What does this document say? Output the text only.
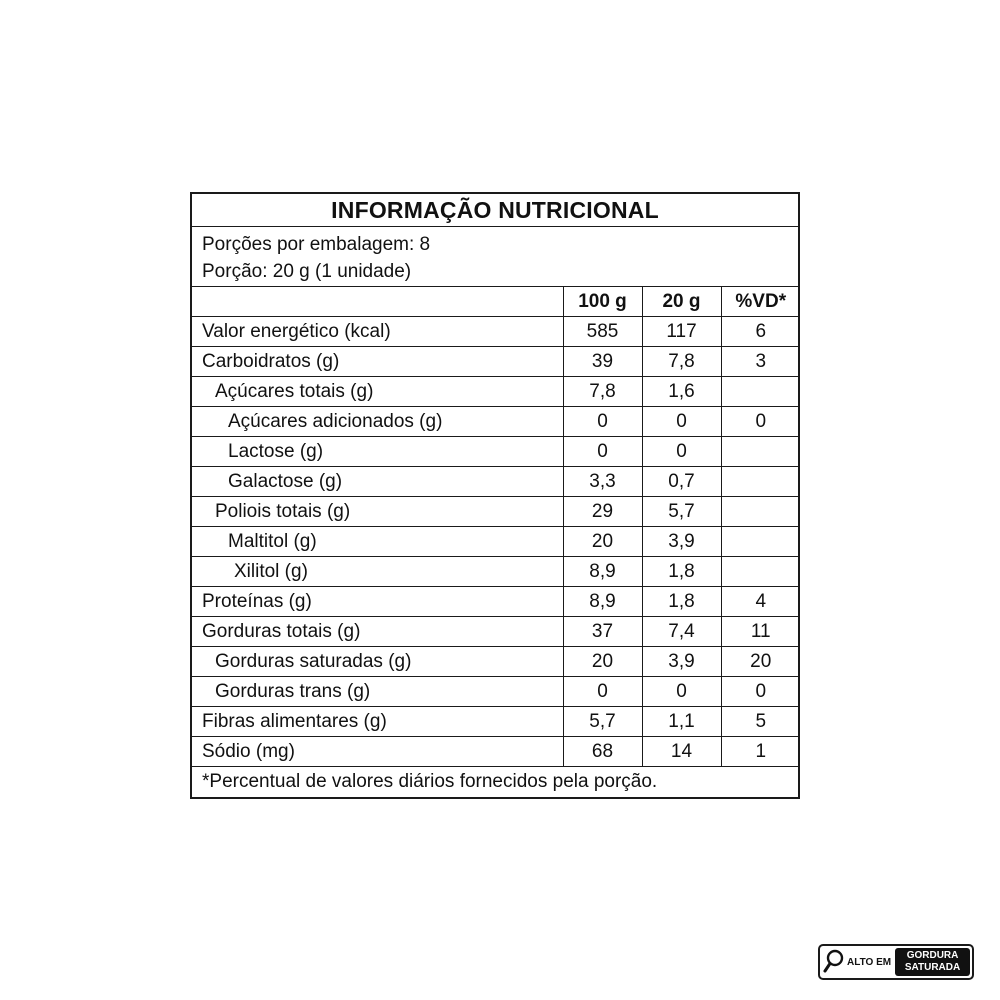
INFORMAÇÃO NUTRICIONAL
Porções por embalagem: 8
Porção: 20 g (1 unidade)
	100 g	20 g	%VD*
Valor energético (kcal)	585	117	6
Carboidratos (g)	39	7,8	3
Açúcares totais (g)	7,8	1,6	
Açúcares adicionados (g)	0	0	0
Lactose (g)	0	0	
Galactose (g)	3,3	0,7	
Poliois totais (g)	29	5,7	
Maltitol (g)	20	3,9	
Xilitol (g)	8,9	1,8	
Proteínas (g)	8,9	1,8	4
Gorduras totais (g)	37	7,4	11
Gorduras saturadas (g)	20	3,9	20
Gorduras trans (g)	0	0	0
Fibras alimentares (g)	5,7	1,1	5
Sódio (mg)	68	14	1
*Percentual de valores diários fornecidos pela porção.
ALTO EM
GORDURA
SATURADA
